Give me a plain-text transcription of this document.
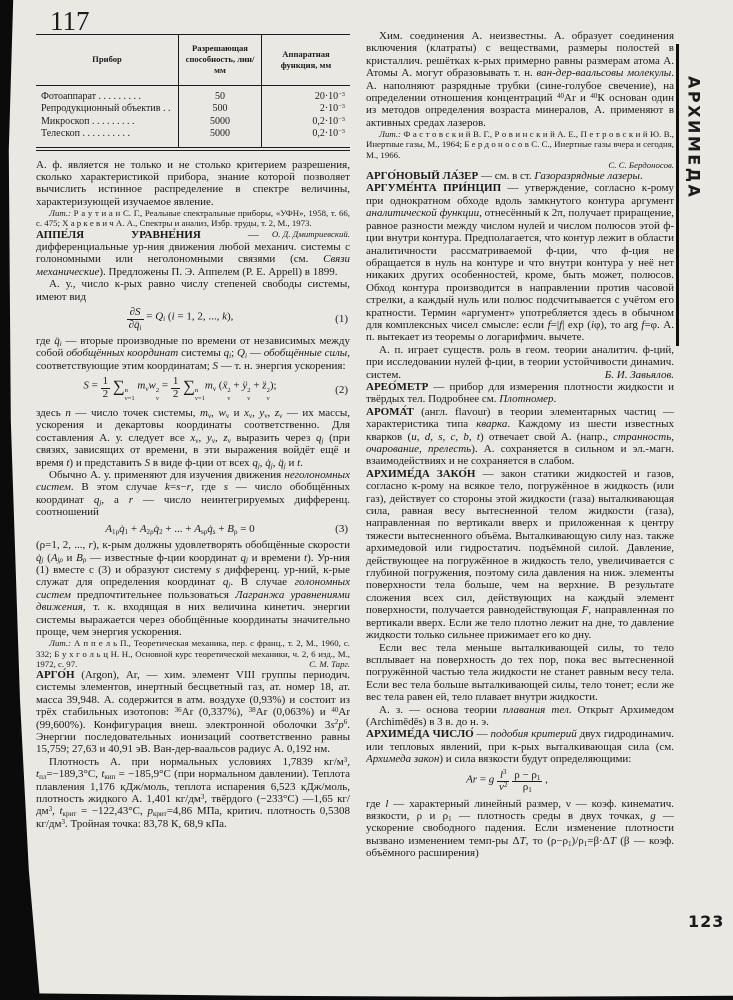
117
123
АРХИМЕДА
Прибор	Разрешающая способность, лин/мм	Аппаратная функция, мм
Фотоаппарат . . . . . . . . .	50	$20\cdot 10^{-3}$
Репродукционный объектив . .	500	$2\cdot 10^{-3}$
Микроскоп . . . . . . . . .	5000	$0,2\cdot 10^{-3}$
Телескоп . . . . . . . . . .	5000	$0,2\cdot 10^{-3}$

А. ф. является не только и не столько критерием разрешения, сколько характеристикой прибора, знание которой позволяет вычислить истинное распределение в спектре величины, характеризующей изучаемое явление.

Лит.: Р а у т и а н С. Г., Реальные спектральные приборы, «УФН», 1958, т. 66, с. 475; Х а р к е в и ч А. А., Спектры и анализ, Избр. труды, т. 2, М., 1973.
О. Д. Дмитриевский.

АППЕ́ЛЯ УРАВНЕ́НИЯ — дифференциальные ур-ния движения любой механич. системы с голономными или неголономными связями (см. Связи механические). Предложены П. Э. Аппелем (Р. Е. Appell) в 1899.

А. у., число к-рых равно числу степеней свободы системы, имеют вид

$\frac{\partial S}{\partial q̈i} = Qi$ (i = 1, 2, ..., k),	(1)

где q̈i — вторые производные по времени от независимых между собой обобщённых координат системы qi; Qi — обобщённые силы, соответствующие этим координатам; S — т. н. энергия ускорения:

$S = \frac{1}{2}$ ∑ n
ν=1
mνw 2
ν
= $\frac{1}{2}$ ∑ n
ν=1
mν (ẍ 2
ν
+ ÿ 2
ν
+ z̈ 2
ν
);	(2)

здесь n — число точек системы, mν, wν и xν, yν, zν — их массы, ускорения и декартовы координаты соответственно. Для составления А. у. следует все xν, yν, zν выразить через qj (при связях, зависящих от времени, в эти выражения войдёт ещё и время t) и представить S в виде ф-ции от всех qj, q̇j, q̈j и t.

Обычно А. у. применяют для изучения движения неголономных систем. В этом случае k=s−r, где s — число обобщённых координат qj, а r — число неинтегрируемых дифференц. соотношений

A1ρq̇1 + A2ρq̇2 + ... + Asρq̇s + Bρ = 0	(3)

(ρ=1, 2, ..., r), к-рым должны удовлетворять обобщённые скорости q̇j (Ajρ и Bρ — известные ф-ции координат qj и времени t). Ур-ния (1) вместе с (3) и образуют систему s дифференц. ур-ний, к-рые служат для определения координат qj. В случае голономных систем предпочтительнее пользоваться Лагранжа уравнениями движения, т. к. входящая в них величина кинетич. энергии системы выражается через обобщённые координаты значительно проще, чем энергия ускорения.

Лит.: А п п е л ь П., Теоретическая механика, пер. с франц., т. 2, М., 1960, с. 332; Б у х г о л ь ц Н. Н., Основной курс теоретической механики, ч. 2, 6 изд., М., 1972, с. 97.	С. М. Тарг.

АРГО́Н (Argon), Ar, — хим. элемент VIII группы периодич. системы элементов, инертный бесцветный газ, ат. номер 18, ат. масса 39,948. А. содержится в атм. воздухе (0,93%) и состоит из трёх стабильных изотопов: $^{36}$Ar (0,337%), $^{38}$Ar (0,063%) и $^{40}$Ar (99,600%). Конфигурация внеш. электронной оболочки $3s^2p^6$. Энергии последовательных ионизаций соответственно равны 15,759; 27,63 и 40,91 эВ. Ван-дер-ваальсов радиус А. 0,192 нм.

Плотность А. при нормальных условиях 1,7839 $кг/м^3$, tпл=−189,3°С, tкип = −185,9°С (при нормальном давлении). Теплота плавления 1,176 кДж/моль, теплота испарения 6,523 кДж/моль, плотность жидкого А. 1,401 $кг/дм^3$, твёрдого (−233°С) —1,65 $кг/дм^3$, tкрит = −122,43°С, pкрит=4,86 МПа, критич. плотность 0,5308 $кг/дм^3$. Тройная точка: 83,78 К, 68,9 кПа.

Хим. соединения А. неизвестны. А. образует соединения включения (клатраты) с веществами, размеры полостей в кристаллич. решётках к-рых примерно равны размерам атома А. Атомы А. могут образовывать т. н. ван-дер-ваальсовы молекулы. А. наполняют разрядные трубки (сине-голубое свечение), на определении отношения концентраций $^{40}$Ar и $^{40}$К основан один из методов определения возраста минералов, А. применяют в активных средах лазеров.

Лит.: Ф а с т о в с к и й В. Г., Р о в и н с к и й А. Е., П е т р о в с к и й Ю. В., Инертные газы, М., 1964; Б е р д о н о с о в С. С., Инертные газы вчера и сегодня, М., 1966.

С. С. Бердоносов.

АРГО́НОВЫЙ ЛА́ЗЕР — см. в ст. Газоразрядные лазеры.

АРГУМЕ́НТА ПРИ́НЦИП — утверждение, согласно к-рому при однократном обходе вдоль замкнутого контура аргумент аналитической функции, отнесённый к 2π, получает приращение, равное разности между числом нулей и числом полюсов этой ф-ции внутри контура. Предполагается, что контур лежит в области аналитичности рассматриваемой ф-ции, что ф-ция не обращается в нуль на контуре и что внутри контура у неё нет никаких других особенностей, кроме, быть может, полюсов. Обход контура производится в направлении против часовой стрелки, а каждый нуль или полюс подсчитывается с учётом его кратности. Термин «аргумент» употребляется здесь в обычном для комплексных чисел смысле: если f=|f| exp (iφ), то arg f=φ. А. п. вытекает из теоремы о логарифмич. вычете.

А. п. играет существ. роль в геом. теории аналитич. ф-ций, при исследовании нулей ф-ции, в теории устойчивости динамич. систем.	Б. И. Завьялов.

АРЕО́МЕТР — прибор для измерения плотности жидкости и твёрдых тел. Подробнее см. Плотномер.

АРОМА́Т (англ. flavour) в теории элементарных частиц — характеристика типа кварка. Каждому из шести известных кварков (u, d, s, c, b, t) отвечает свой А. (напр., странность, очарование, прелесть). А. сохраняется в сильном и эл.-магн. взаимодействиях и не сохраняется в слабом.

АРХИМЕ́ДА ЗАКО́Н — закон статики жидкостей и газов, согласно к-рому на всякое тело, погружённое в жидкость (или газ), действует со стороны этой жидкости (газа) выталкивающая сила, равная весу вытесненной телом жидкости (газа), направленная по вертикали вверх и приложенная к центру тяжести вытесненного объёма. Выталкивающую силу наз. также архимедовой или гидростатич. подъёмной силой. Давление, действующее на погружённое в жидкость тело, увеличивается с глубиной погружения, поэтому сила давления на ниж. элементы поверхности тела больше, чем на верхние. В результате сложения всех сил, действующих на каждый элемент поверхности, получается равнодействующая F, направленная по вертикали вверх. Если же тело плотно лежит на дне, то давление жидкости только сильнее прижимает его ко дну.

Если вес тела меньше выталкивающей силы, то тело всплывает на поверхность до тех пор, пока вес вытесненной погружённой частью тела жидкости не станет равным весу тела. Если вес тела больше выталкивающей силы, тело тонет; если же вес тела равен ей, тело плавает внутри жидкости.

А. з. — основа теории плавания тел. Открыт Архимедом (Archimēdēs) в 3 в. до н. э.

АРХИМЕ́ДА ЧИСЛО́ — подобия критерий двух гидродинамич. или тепловых явлений, при к-рых выталкивающая сила (см. Архимеда закон) и сила вязкости будут определяющими:

Ar = g $\frac{l^3}{\nu^2}$
$\frac{\rho - \rho 1}{\rho 1}$ ,

где l — характерный линейный размер, ν — коэф. кинематич. вязкости, ρ и ρ1 — плотность среды в двух точках, g — ускорение свободного падения. Если изменение плотности вызвано изменением темп-ры ΔT, то (ρ−ρ1)/ρ1=β·ΔT (β — коэф. объёмного расширения)
